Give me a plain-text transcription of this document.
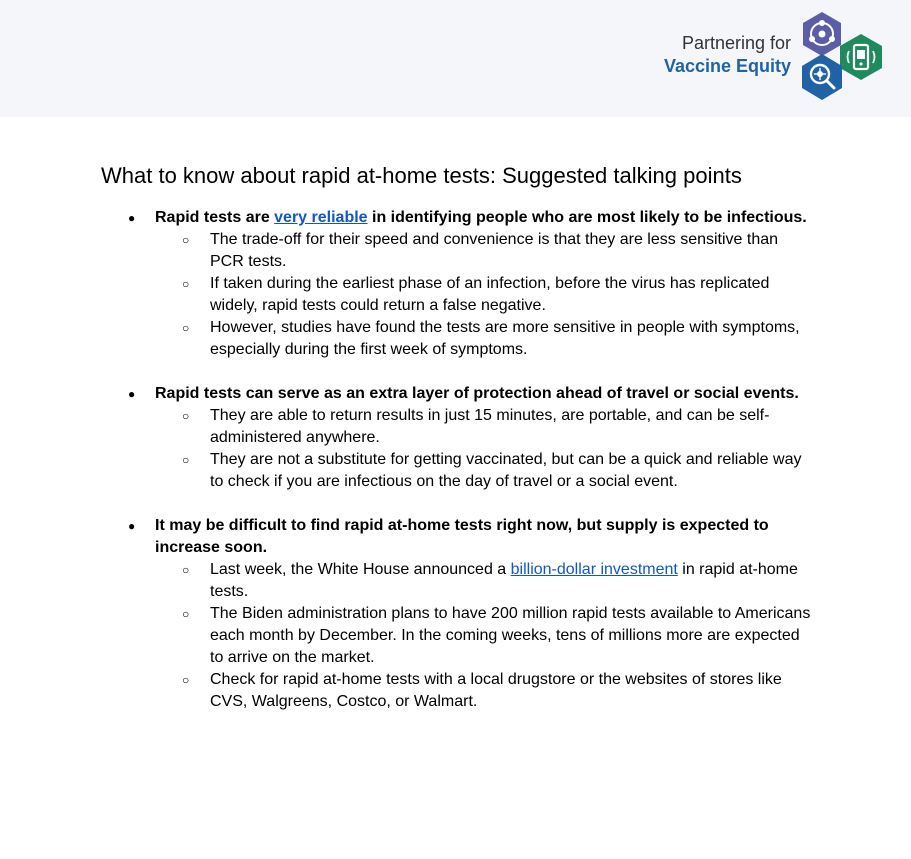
Partnering for
Vaccine Equity
What to know about rapid at-home tests: Suggested talking points
● Rapid tests are very reliable in identifying people who are most likely to be infectious.
○ The trade-off for their speed and convenience is that they are less sensitive than PCR tests.
○ If taken during the earliest phase of an infection, before the virus has replicated widely, rapid tests could return a false negative.
○ However, studies have found the tests are more sensitive in people with symptoms, especially during the first week of symptoms.
● Rapid tests can serve as an extra layer of protection ahead of travel or social events.
○ They are able to return results in just 15 minutes, are portable, and can be self-administered anywhere.
○ They are not a substitute for getting vaccinated, but can be a quick and reliable way to check if you are infectious on the day of travel or a social event.
● It may be difficult to find rapid at-home tests right now, but supply is expected to increase soon.
○ Last week, the White House announced a billion-dollar investment in rapid at-home tests.
○ The Biden administration plans to have 200 million rapid tests available to Americans each month by December. In the coming weeks, tens of millions more are expected to arrive on the market.
○ Check for rapid at-home tests with a local drugstore or the websites of stores like CVS, Walgreens, Costco, or Walmart.
